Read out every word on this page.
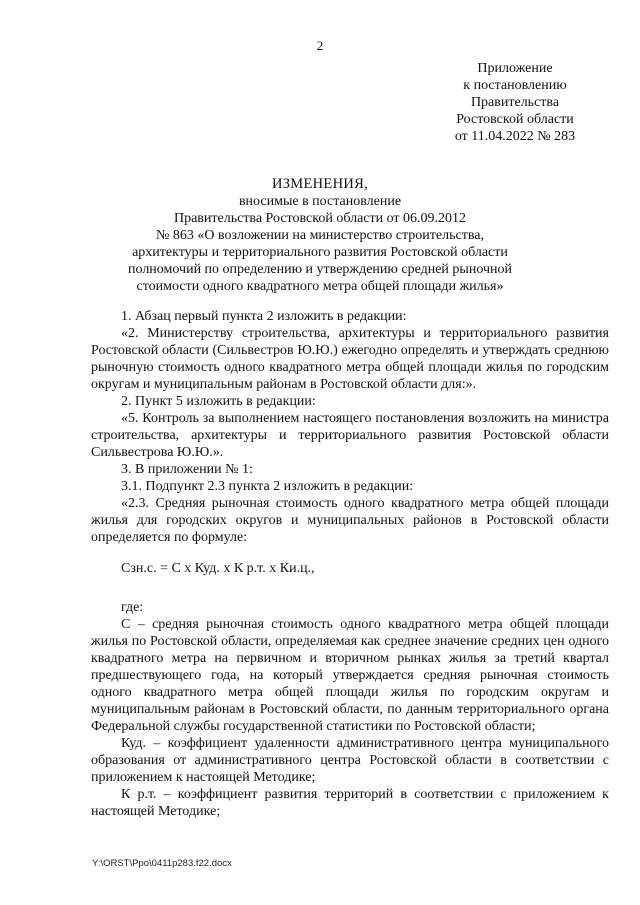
2
Приложение
к постановлению
Правительства
Ростовской области
от 11.04.2022 № 283
ИЗМЕНЕНИЯ,
вносимые в постановление
Правительства Ростовской области от 06.09.2012
№ 863 «О возложении на министерство строительства,
архитектуры и территориального развития Ростовской области
полномочий по определению и утверждению средней рыночной
стоимости одного квадратного метра общей площади жилья»

1. Абзац первый пункта 2 изложить в редакции:

«2. Министерству строительства, архитектуры и территориального развития Ростовской области (Сильвестров Ю.Ю.) ежегодно определять и утверждать среднюю рыночную стоимость одного квадратного метра общей площади жилья по городским округам и муниципальным районам в Ростовской области для:».

2. Пункт 5 изложить в редакции:

«5. Контроль за выполнением настоящего постановления возложить на министра строительства, архитектуры и территориального развития Ростовской области Сильвестрова Ю.Ю.».

3. В приложении № 1:

3.1. Подпункт 2.3 пункта 2 изложить в редакции:

«2.3. Средняя рыночная стоимость одного квадратного метра общей площади жилья для городских округов и муниципальных районов в Ростовской области определяется по формуле:

Сзн.с. = С х Куд. х К р.т. х Ки.ц.,

где:

С – средняя рыночная стоимость одного квадратного метра общей площади жилья по Ростовской области, определяемая как среднее значение средних цен одного квадратного метра на первичном и вторичном рынках жилья за третий квартал предшествующего года, на который утверждается средняя рыночная стоимость одного квадратного метра общей площади жилья по городским округам и муниципальным районам в Ростовский области, по данным территориального органа Федеральной службы государственной статистики по Ростовской области;

Куд. – коэффициент удаленности административного центра муниципального образования от административного центра Ростовской области в соответствии с приложением к настоящей Методике;

К р.т. – коэффициент развития территорий в соответствии с приложением к настоящей Методике;

Y:\ORST\Ppo\0411p283.f22.docx
